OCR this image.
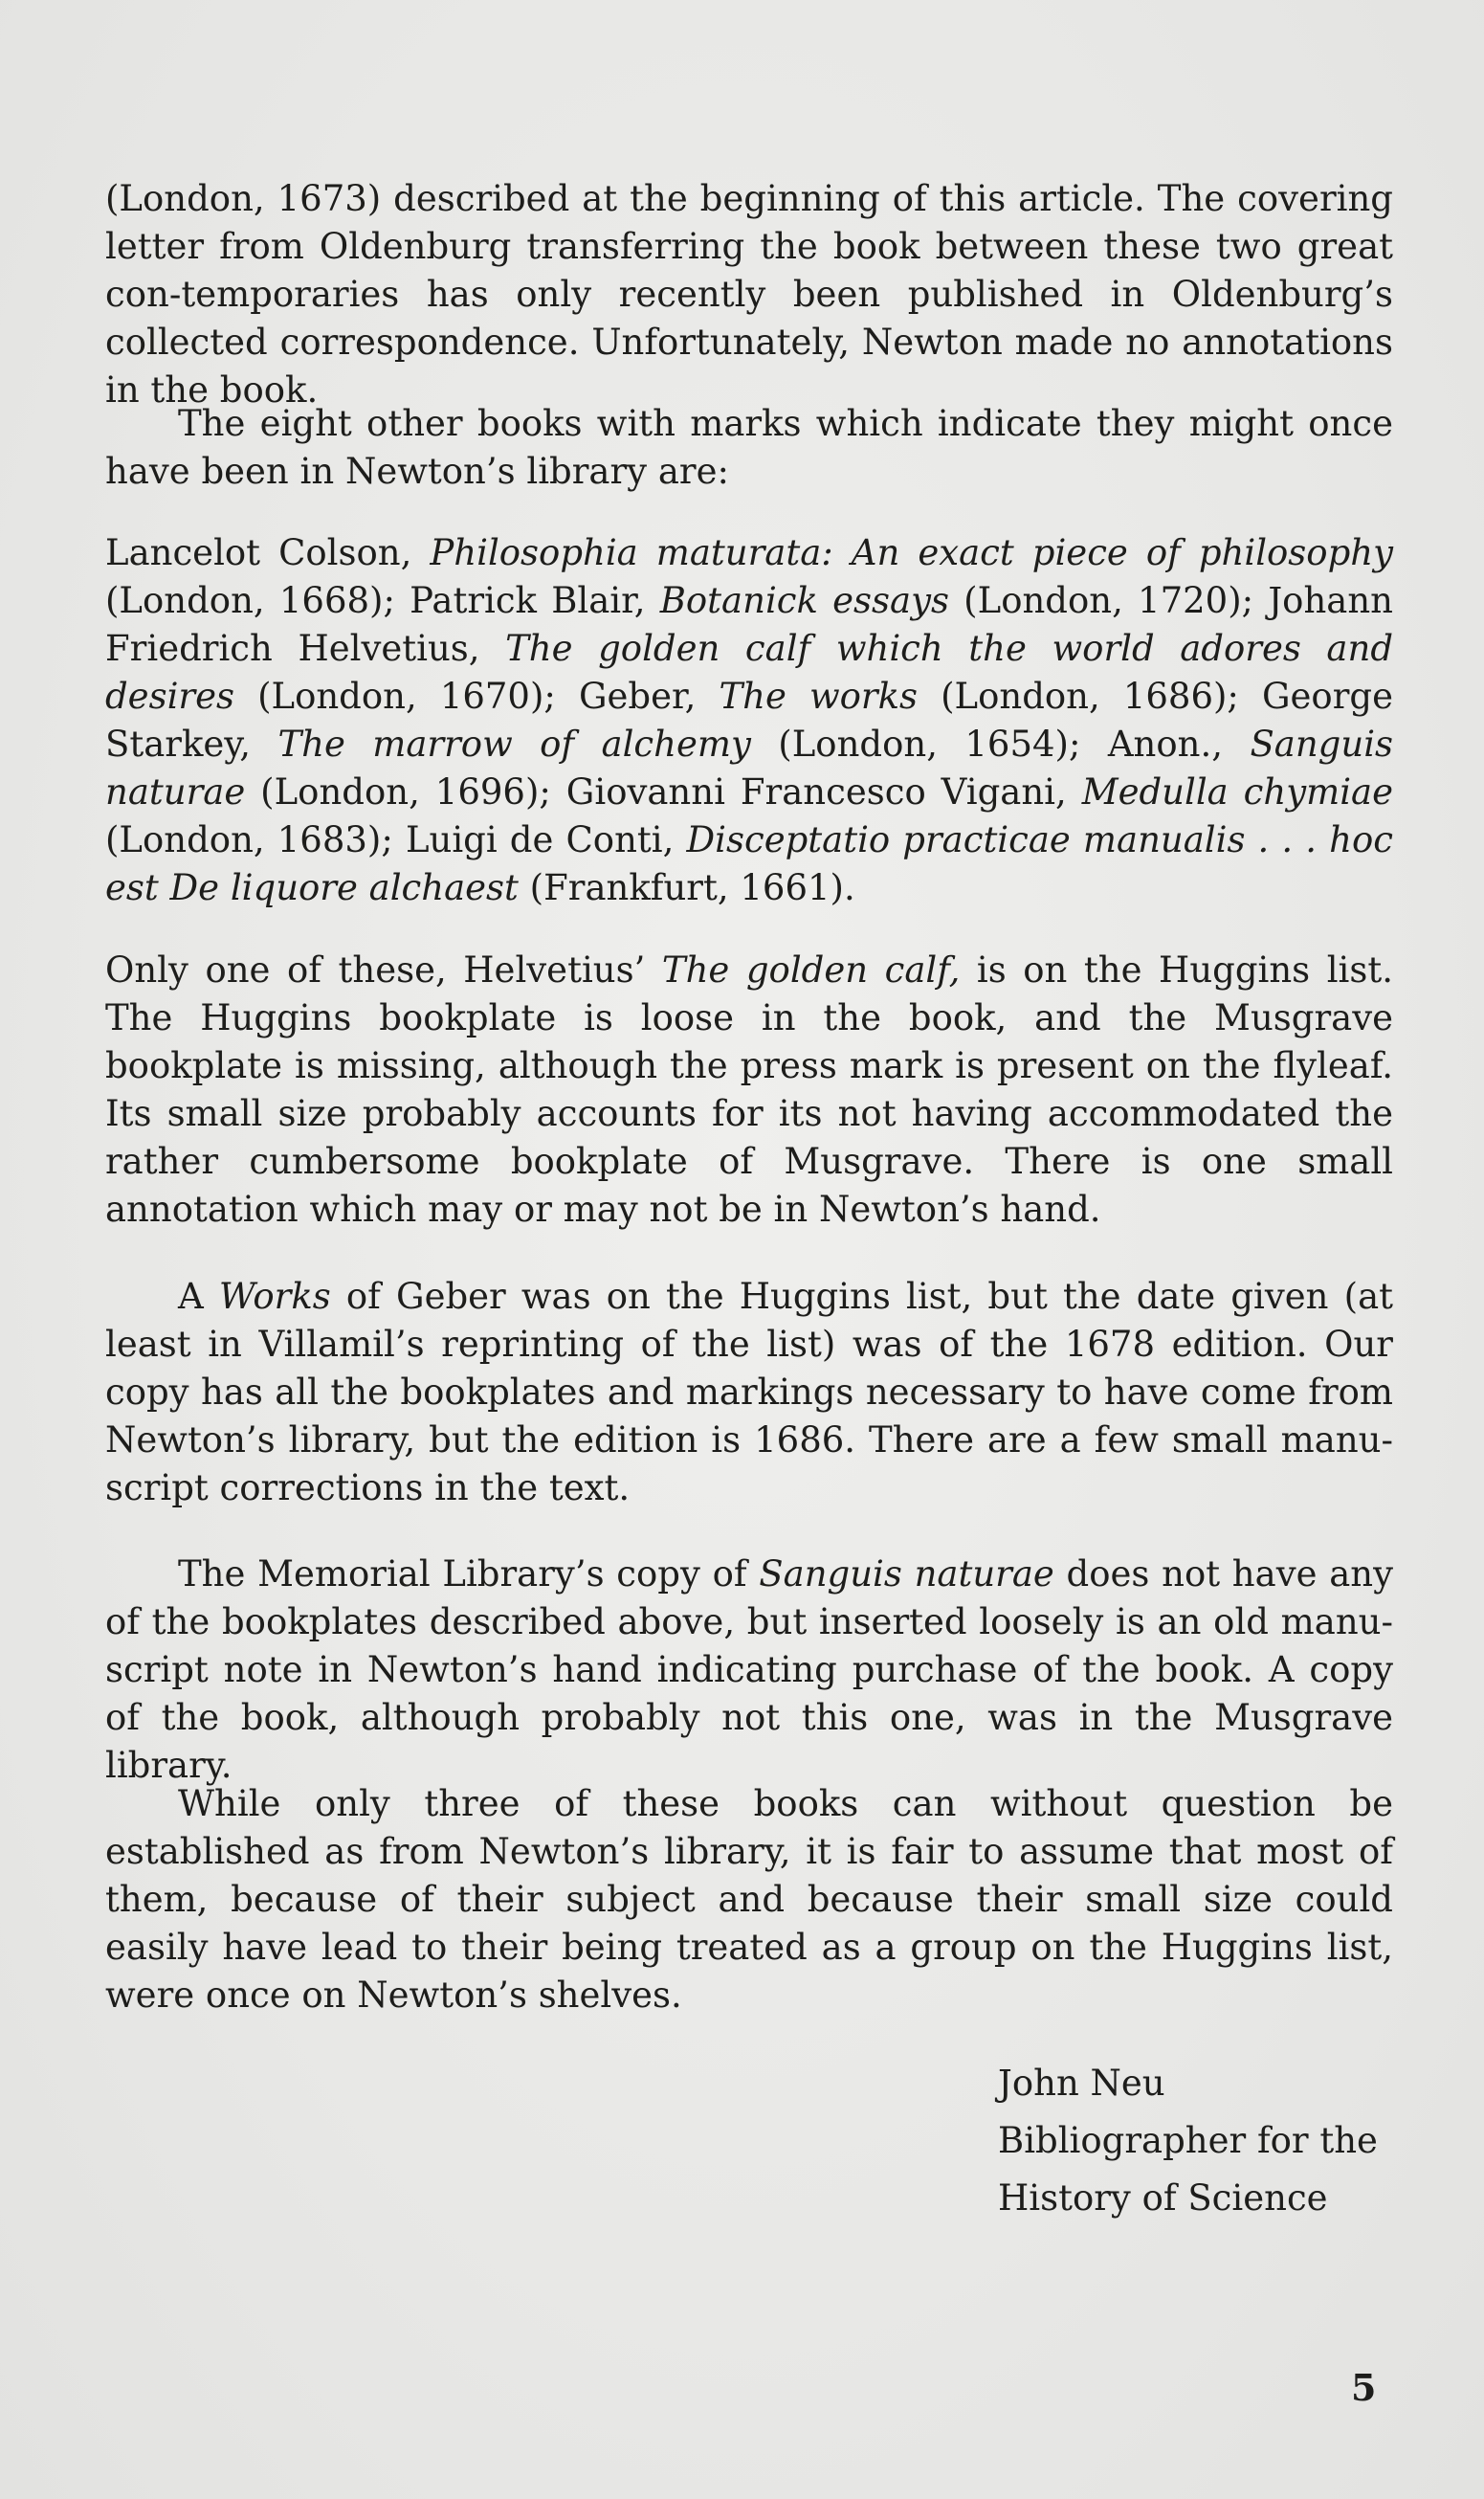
(London, 1673) described at the beginning of this article. The covering letter from Oldenburg transferring the book between these two great con-temporaries has only recently been published in Oldenburg’s collected correspondence. Unfortunately, Newton made no annotations in the book.

The eight other books with marks which indicate they might once have been in Newton’s library are:

Lancelot Colson, Philosophia maturata: An exact piece of philosophy (London, 1668); Patrick Blair, Botanick essays (London, 1720); Johann Friedrich Helvetius, The golden calf which the world adores and desires (London, 1670); Geber, The works (London, 1686); George Starkey, The marrow of alchemy (London, 1654); Anon., Sanguis naturae (London, 1696); Giovanni Francesco Vigani, Medulla chymiae (London, 1683); Luigi de Conti, Disceptatio practicae manualis . . . hoc est De liquore alchaest (Frankfurt, 1661).

Only one of these, Helvetius’ The golden calf, is on the Huggins list. The Huggins bookplate is loose in the book, and the Musgrave bookplate is missing, although the press mark is present on the flyleaf. Its small size probably accounts for its not having accommodated the rather cumbersome bookplate of Musgrave. There is one small annotation which may or may not be in Newton’s hand.

A Works of Geber was on the Huggins list, but the date given (at least in Villamil’s reprinting of the list) was of the 1678 edition. Our copy has all the bookplates and markings necessary to have come from Newton’s library, but the edition is 1686. There are a few small manuscript corrections in the text.

The Memorial Library’s copy of Sanguis naturae does not have any of the bookplates described above, but inserted loosely is an old manuscript note in Newton’s hand indicating purchase of the book. A copy of the book, although probably not this one, was in the Musgrave library.

While only three of these books can without question be established as from Newton’s library, it is fair to assume that most of them, because of their subject and because their small size could easily have lead to their being treated as a group on the Huggins list, were once on Newton’s shelves.

John Neu
Bibliographer for the
History of Science
5
